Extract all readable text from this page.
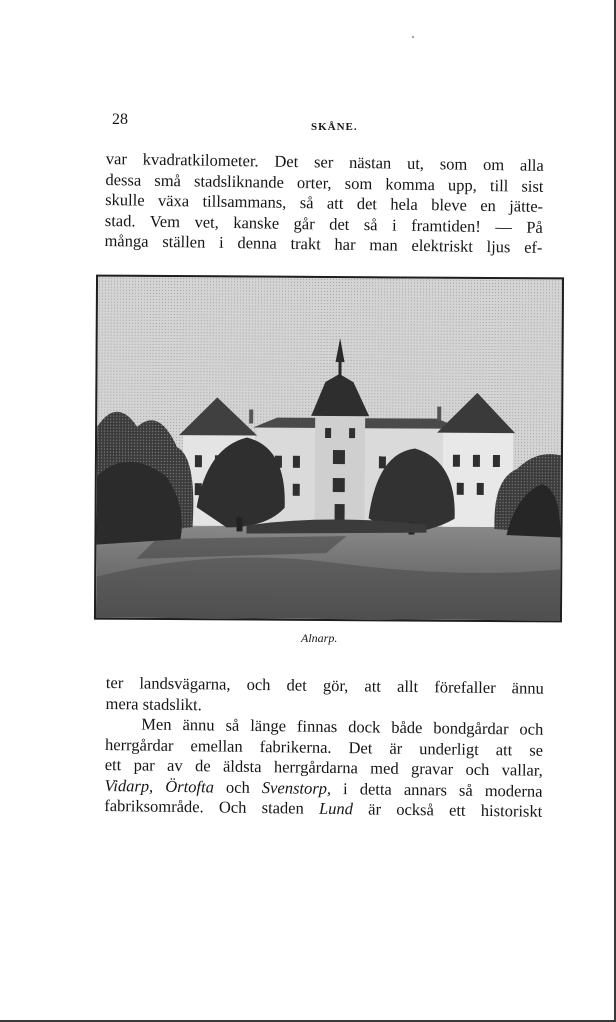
28	SKÅNE.
var kvadratkilometer. Det ser nästan ut, som om alla
dessa små stadsliknande orter, som komma upp, till sist
skulle växa tillsammans, så att det hela bleve en jätte-
stad. Vem vet, kanske går det så i framtiden! — På
många ställen i denna trakt har man elektriskt ljus ef-
Alnarp.
ter landsvägarna, och det gör, att allt förefaller ännu
mera stadslikt.
Men ännu så länge finnas dock både bondgårdar och
herrgårdar emellan fabrikerna. Det är underligt att se
ett par av de äldsta herrgårdarna med gravar och vallar,
Vidarp, Örtofta och Svenstorp, i detta annars så moderna
fabriksområde. Och staden Lund är också ett historiskt
